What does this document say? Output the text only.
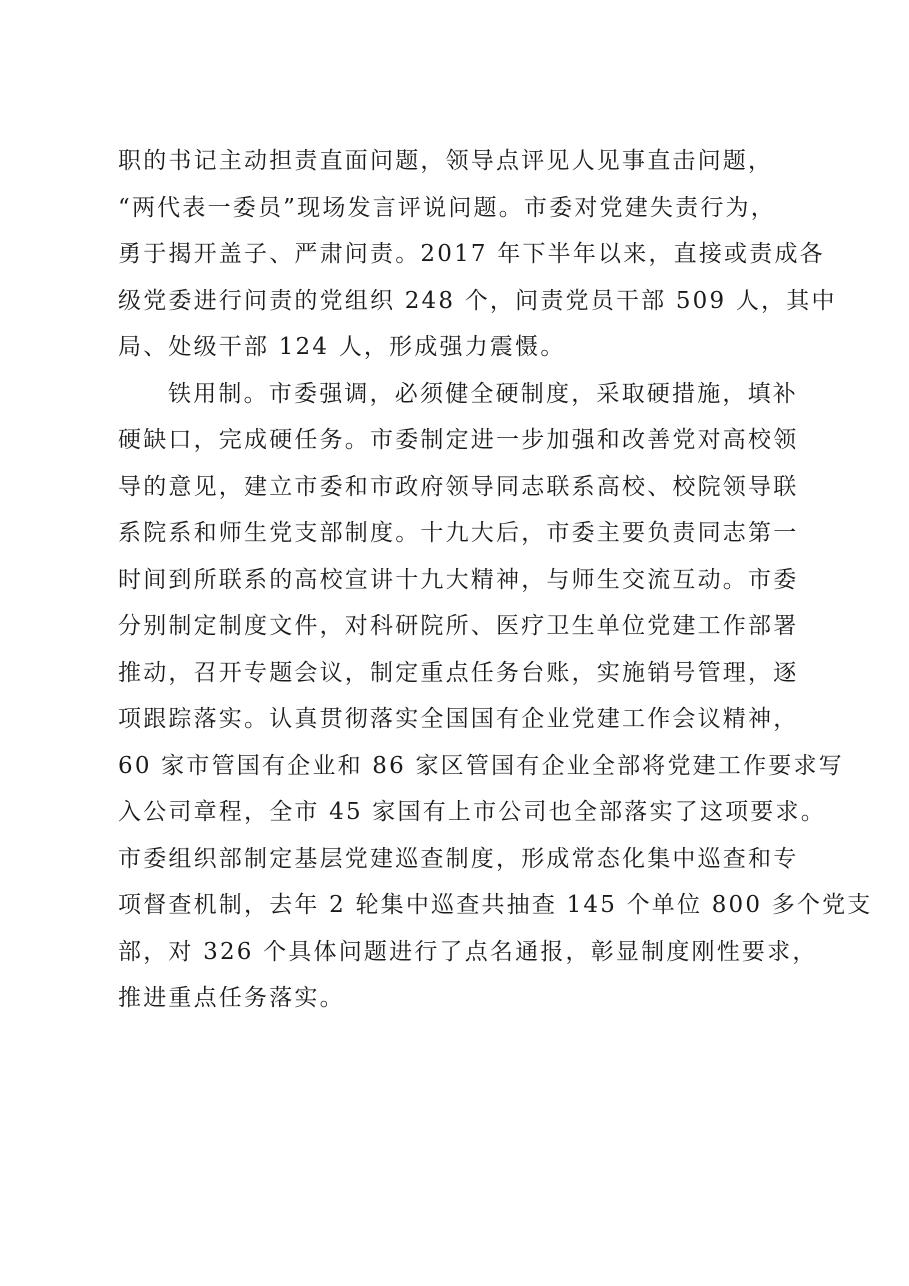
职的书记主动担责直面问题，领导点评见人见事直击问题，
“两代表一委员”现场发言评说问题。市委对党建失责行为，
勇于揭开盖子、严肃问责。2017 年下半年以来，直接或责成各
级党委进行问责的党组织 248 个，问责党员干部 509 人，其中
局、处级干部 124 人，形成强力震慑。
铁用制。市委强调，必须健全硬制度，采取硬措施，填补
硬缺口，完成硬任务。市委制定进一步加强和改善党对高校领
导的意见，建立市委和市政府领导同志联系高校、校院领导联
系院系和师生党支部制度。十九大后，市委主要负责同志第一
时间到所联系的高校宣讲十九大精神，与师生交流互动。市委
分别制定制度文件，对科研院所、医疗卫生单位党建工作部署
推动，召开专题会议，制定重点任务台账，实施销号管理，逐
项跟踪落实。认真贯彻落实全国国有企业党建工作会议精神，
60 家市管国有企业和 86 家区管国有企业全部将党建工作要求写
入公司章程，全市 45 家国有上市公司也全部落实了这项要求。
市委组织部制定基层党建巡查制度，形成常态化集中巡查和专
项督查机制，去年 2 轮集中巡查共抽查 145 个单位 800 多个党支
部，对 326 个具体问题进行了点名通报，彰显制度刚性要求，
推进重点任务落实。
